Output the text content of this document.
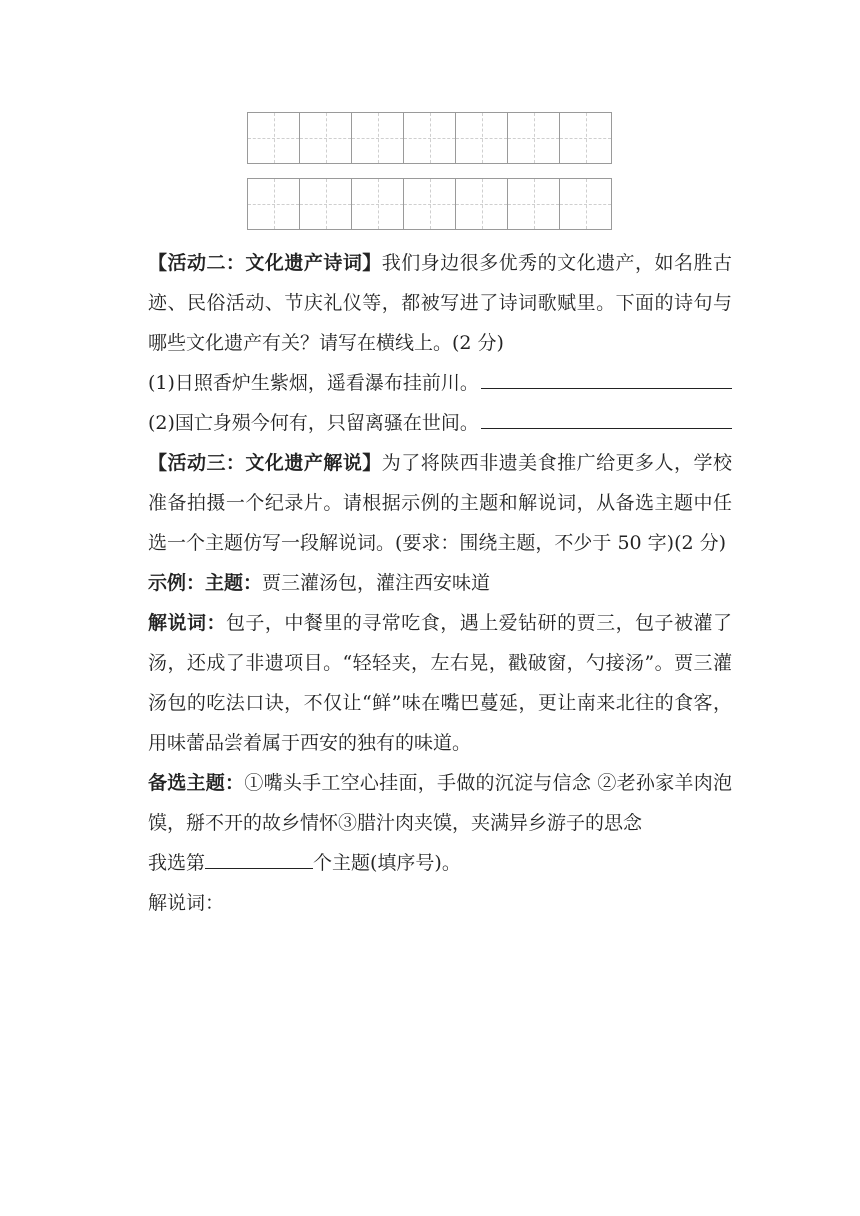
【活动二：文化遗产诗词】我们身边很多优秀的文化遗产，如名胜古迹、民俗活动、节庆礼仪等，都被写进了诗词歌赋里。下面的诗句与哪些文化遗产有关？请写在横线上。(2 分)

(1)日照香炉生紫烟，遥看瀑布挂前川。

(2)国亡身殒今何有，只留离骚在世间。

【活动三：文化遗产解说】为了将陕西非遗美食推广给更多人，学校准备拍摄一个纪录片。请根据示例的主题和解说词，从备选主题中任选一个主题仿写一段解说词。(要求：围绕主题，不少于 50 字)(2 分)

示例：主题：贾三灌汤包，灌注西安味道

解说词：包子，中餐里的寻常吃食，遇上爱钻研的贾三，包子被灌了汤，还成了非遗项目。“轻轻夹，左右晃，戳破窗，勺接汤”。贾三灌汤包的吃法口诀，不仅让“鲜”味在嘴巴蔓延，更让南来北往的食客，用味蕾品尝着属于西安的独有的味道。

备选主题：①嘴头手工空心挂面，手做的沉淀与信念 ②老孙家羊肉泡馍，掰不开的故乡情怀③腊汁肉夹馍，夹满异乡游子的思念

我选第	个主题(填序号)。

解说词：
